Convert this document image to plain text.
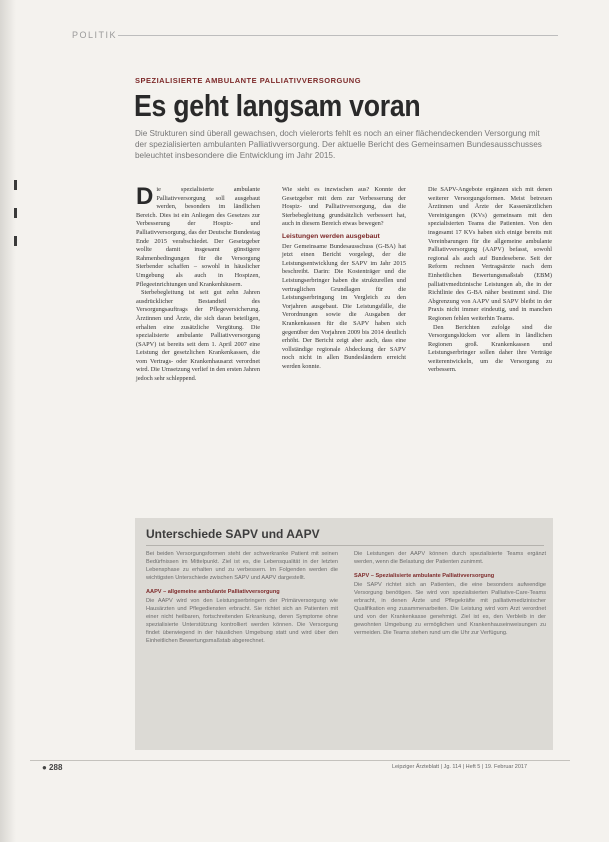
POLITIK
SPEZIALISIERTE AMBULANTE PALLIATIVVERSORGUNG
Es geht langsam voran
Die Strukturen sind überall gewachsen, doch vielerorts fehlt es noch an einer flächendeckenden Versorgung mit der spezialisierten ambulanten Palliativversorgung. Der aktuelle Bericht des Gemeinsamen Bundesausschusses beleuchtet insbesondere die Entwicklung im Jahr 2015.
D ie spezialisierte ambulante Palliativversorgung soll ausgebaut werden, besonders im ländlichen Bereich. Dies ist ein Anliegen des Gesetzes zur Verbesserung der Hospiz- und Palliativversorgung, das der Deutsche Bundestag Ende 2015 verabschiedet. Der Gesetzgeber wollte damit insgesamt günstigere Rahmenbedingungen für die Versorgung Sterbender schaffen – sowohl in häuslicher Umgebung als auch in Hospizen, Pflegeeinrichtungen und Krankenhäusern.

Sterbebegleitung ist seit gut zehn Jahren ausdrücklicher Bestandteil des Versorgungsauftrags der Pflegeversicherung. Ärztinnen und Ärzte, die sich daran beteiligen, erhalten eine zusätzliche Vergütung. Die spezialisierte ambulante Palliativversorgung (SAPV) ist bereits seit dem 1. April 2007 eine Leistung der gesetzlichen Krankenkassen, die vom Vertrags- oder Krankenhausarzt verordnet wird. Die Umsetzung verlief in den ersten Jahren jedoch sehr schleppend.

Wie sieht es inzwischen aus? Konnte der Gesetzgeber mit dem zur Verbesserung der Hospiz- und Palliativversorgung, das die Sterbebegleitung grundsätzlich verbessert hat, auch in diesem Bereich etwas bewegen?

Leistungen werden ausgebaut

Der Gemeinsame Bundesausschuss (G-BA) hat jetzt einen Bericht vorgelegt, der die Leistungsentwicklung der SAPV im Jahr 2015 beschreibt. Darin: Die Kostenträger und die Leistungserbringer haben die strukturellen und vertraglichen Grundlagen für die Leistungserbringung im Vergleich zu den Vorjahren ausgebaut. Die Leistungsfälle, die Verordnungen sowie die Ausgaben der Krankenkassen für die SAPV haben sich gegenüber den Vorjahren 2009 bis 2014 deutlich erhöht. Der Bericht zeigt aber auch, dass eine vollständige regionale Abdeckung der SAPV noch nicht in allen Bundesländern erreicht werden konnte.

Die SAPV-Angebote ergänzen sich mit denen weiterer Versorgungsformen. Meist betreuen Ärztinnen und Ärzte der Kassenärztlichen Vereinigungen (KVs) gemeinsam mit den spezialisierten Teams die Patienten. Von den insgesamt 17 KVs haben sich einige bereits mit Vereinbarungen für die allgemeine ambulante Palliativversorgung (AAPV) befasst, sowohl regional als auch auf Bundesebene. Seit der Reform rechnen Vertragsärzte nach dem Einheitlichen Bewertungsmaßstab (EBM) palliativmedizinische Leistungen ab, die in der Richtlinie des G-BA näher bestimmt sind. Die Abgrenzung von AAPV und SAPV bleibt in der Praxis nicht immer eindeutig, und in manchen Regionen fehlen weiterhin Teams.

Den Berichten zufolge sind die Versorgungslücken vor allem in ländlichen Regionen groß. Krankenkassen und Leistungserbringer sollen daher ihre Verträge weiterentwickeln, um die Versorgung zu verbessern.

Unterschiede SAPV und AAPV

Bei beiden Versorgungsformen steht der schwerkranke Patient mit seinen Bedürfnissen im Mittelpunkt. Ziel ist es, die Lebensqualität in der letzten Lebensphase zu erhalten und zu verbessern. Im Folgenden werden die wichtigsten Unterschiede zwischen SAPV und AAPV dargestellt.

AAPV – allgemeine ambulante Palliativversorgung

Die AAPV wird von den Leistungserbringern der Primärversorgung wie Hausärzten und Pflegediensten erbracht. Sie richtet sich an Patienten mit einer nicht heilbaren, fortschreitenden Erkrankung, deren Symptome ohne spezialisierte Unterstützung kontrolliert werden können. Die Versorgung findet überwiegend in der häuslichen Umgebung statt und wird über den Einheitlichen Bewertungsmaßstab abgerechnet.

Die Leistungen der AAPV können durch spezialisierte Teams ergänzt werden, wenn die Belastung der Patienten zunimmt.

SAPV – Spezialisierte ambulante Palliativversorgung

Die SAPV richtet sich an Patienten, die eine besonders aufwendige Versorgung benötigen. Sie wird von spezialisierten Palliative-Care-Teams erbracht, in denen Ärzte und Pflegekräfte mit palliativmedizinischer Qualifikation eng zusammenarbeiten. Die Leistung wird vom Arzt verordnet und von der Krankenkasse genehmigt. Ziel ist es, den Verbleib in der gewohnten Umgebung zu ermöglichen und Krankenhauseinweisungen zu vermeiden. Die Teams stehen rund um die Uhr zur Verfügung.

● 288	Leipziger Ärzteblatt | Jg. 114 | Heft 5 | 19. Februar 2017
